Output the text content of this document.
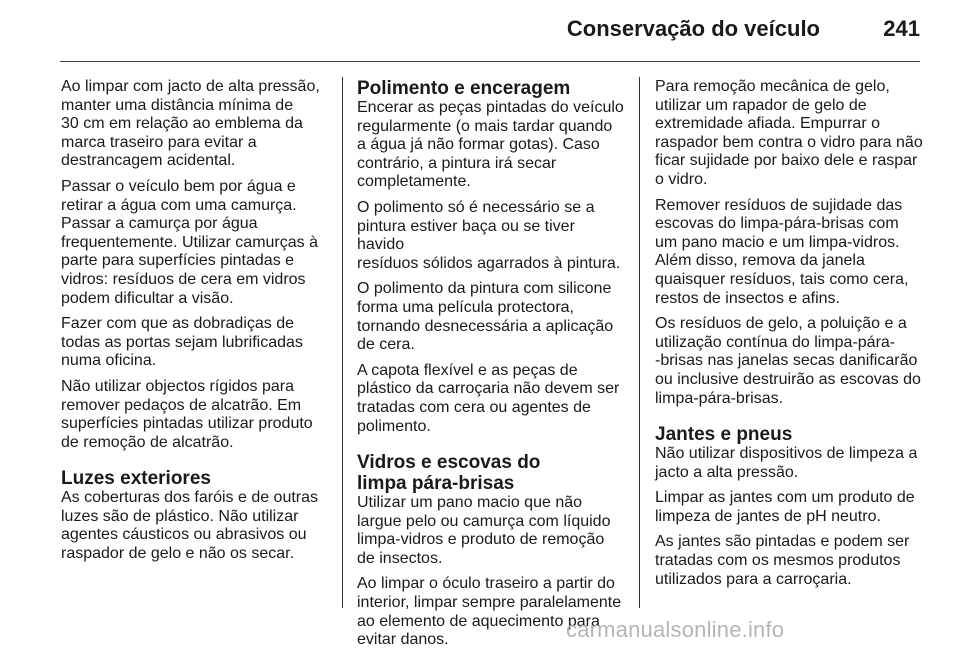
Conservação do veículo	241

Ao limpar com jacto de alta pressão,
manter uma distância mínima de
30 cm em relação ao emblema da
marca traseiro para evitar a
destrancagem acidental.

Passar o veículo bem por água e
retirar a água com uma camurça.
Passar a camurça por água
frequentemente. Utilizar camurças à
parte para superfícies pintadas e
vidros: resíduos de cera em vidros
podem dificultar a visão.

Fazer com que as dobradiças de
todas as portas sejam lubrificadas
numa oficina.

Não utilizar objectos rígidos para
remover pedaços de alcatrão. Em
superfícies pintadas utilizar produto
de remoção de alcatrão.

Luzes exteriores

As coberturas dos faróis e de outras
luzes são de plástico. Não utilizar
agentes cáusticos ou abrasivos ou
raspador de gelo e não os secar.

Polimento e enceragem

Encerar as peças pintadas do veículo
regularmente (o mais tardar quando
a água já não formar gotas). Caso
contrário, a pintura irá secar
completamente.

O polimento só é necessário se a
pintura estiver baça ou se tiver havido
resíduos sólidos agarrados à pintura.

O polimento da pintura com silicone
forma uma película protectora,
tornando desnecessária a aplicação
de cera.

A capota flexível e as peças de
plástico da carroçaria não devem ser
tratadas com cera ou agentes de
polimento.

Vidros e escovas do
limpa pára-brisas

Utilizar um pano macio que não
largue pelo ou camurça com líquido
limpa-vidros e produto de remoção
de insectos.

Ao limpar o óculo traseiro a partir do
interior, limpar sempre paralelamente
ao elemento de aquecimento para
evitar danos.

Para remoção mecânica de gelo,
utilizar um rapador de gelo de
extremidade afiada. Empurrar o
raspador bem contra o vidro para não
ficar sujidade por baixo dele e raspar
o vidro.

Remover resíduos de sujidade das
escovas do limpa-pára-brisas com
um pano macio e um limpa-vidros.
Além disso, remova da janela
quaisquer resíduos, tais como cera,
restos de insectos e afins.

Os resíduos de gelo, a poluição e a
utilização contínua do limpa-pára-
-brisas nas janelas secas danificarão
ou inclusive destruirão as escovas do
limpa-pára-brisas.

Jantes e pneus

Não utilizar dispositivos de limpeza a
jacto a alta pressão.

Limpar as jantes com um produto de
limpeza de jantes de pH neutro.

As jantes são pintadas e podem ser
tratadas com os mesmos produtos
utilizados para a carroçaria.

carmanualsonline.info
